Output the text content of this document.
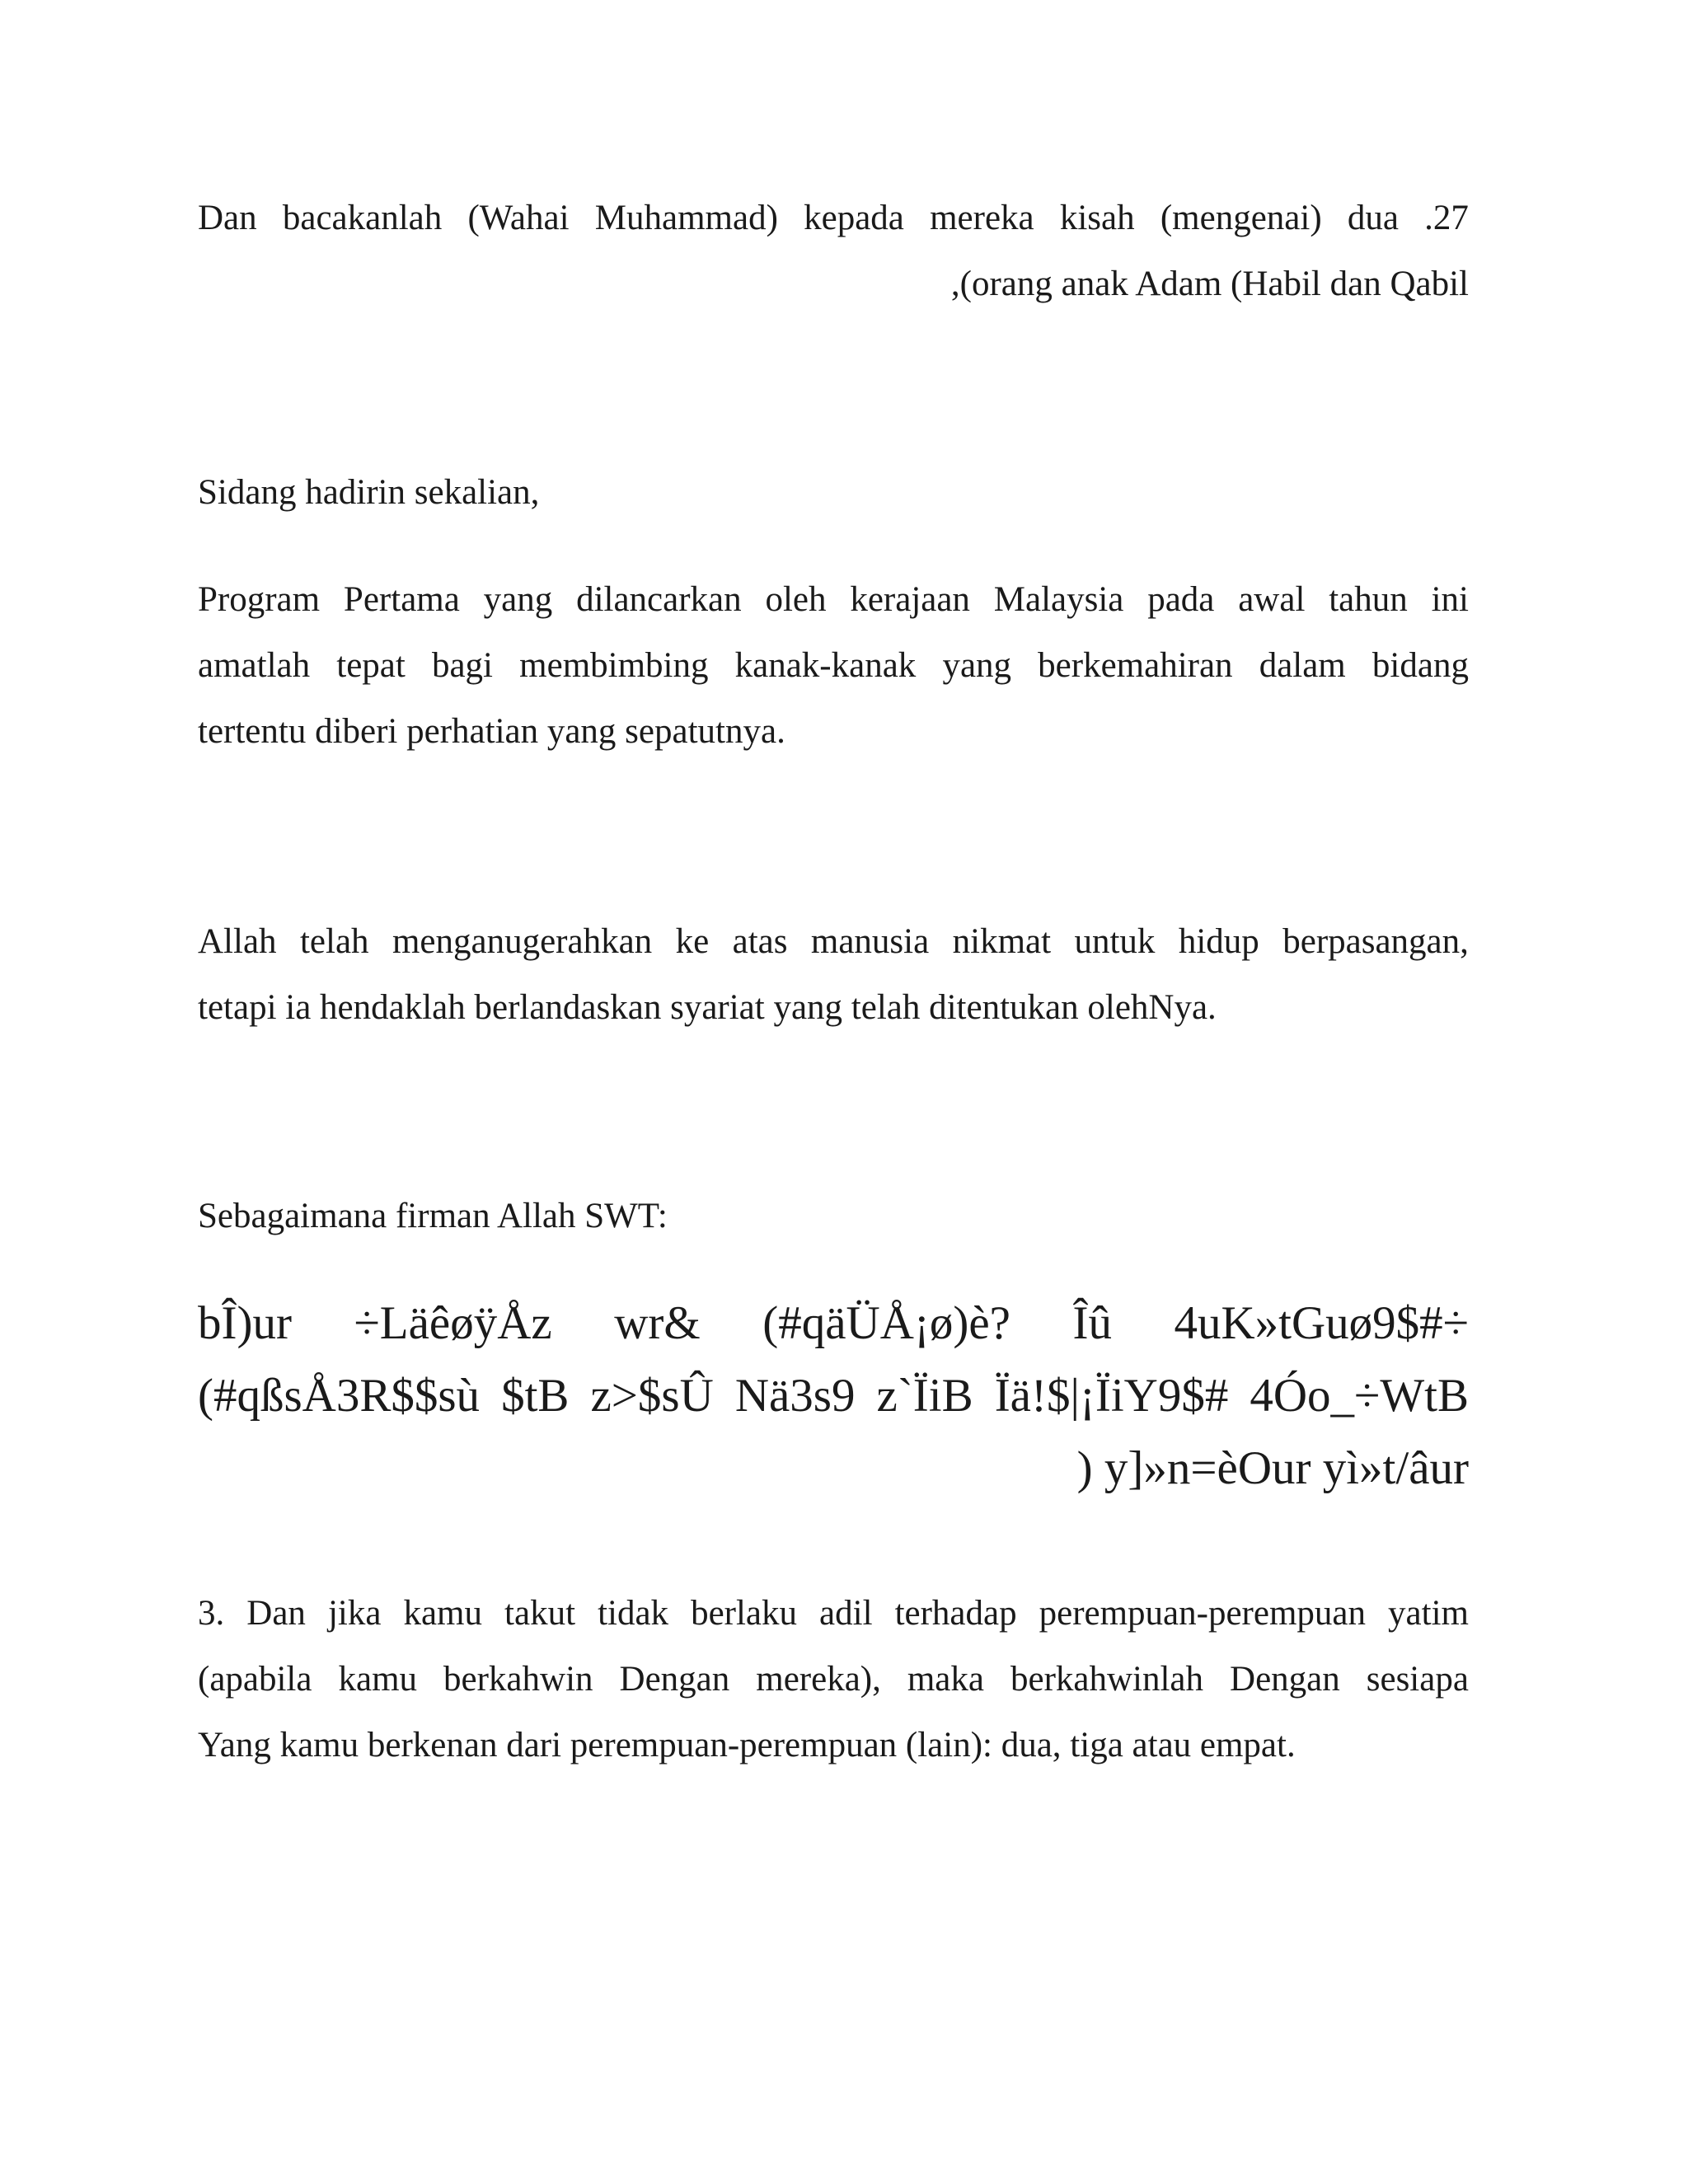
Dan bacakanlah (Wahai Muhammad) kepada mereka kisah (mengenai) dua .27
,(orang anak Adam (Habil dan Qabil
Sidang hadirin sekalian,
Program Pertama yang dilancarkan oleh kerajaan Malaysia pada awal tahun ini
amatlah tepat bagi membimbing kanak-kanak yang berkemahiran dalam bidang
tertentu diberi perhatian yang sepatutnya.
Allah telah menganugerahkan ke atas manusia nikmat untuk hidup berpasangan,
tetapi ia hendaklah berlandaskan syariat yang telah ditentukan olehNya.
Sebagaimana firman Allah SWT:
bÎ)ur ÷LäêøÿÅz wr& (#qäÜÅ¡ø)è? Îû 4uK»tGuø9$#÷
(#qßsÅ3R$$sù $tB z>$sÛ Nä3s9 z`ÏiB Ïä!$|¡ÏiY9$# 4Óo_÷WtB
) y]»n=èOur yì»t/âur
3. Dan jika kamu takut tidak berlaku adil terhadap perempuan-perempuan yatim
(apabila kamu berkahwin Dengan mereka), maka berkahwinlah Dengan sesiapa
Yang kamu berkenan dari perempuan-perempuan (lain): dua, tiga atau empat.
